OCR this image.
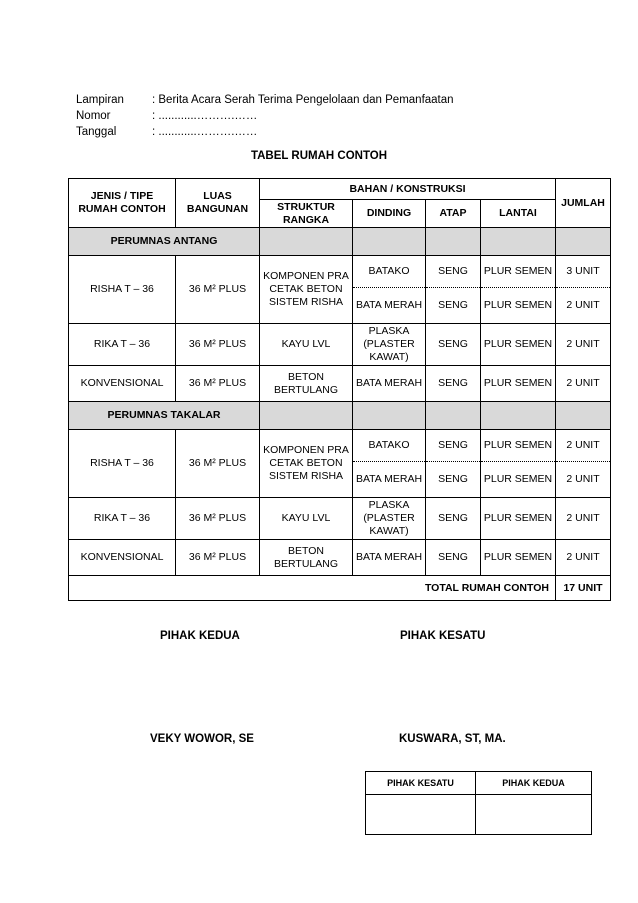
Lampiran	: Berita Acara Serah Terima Pengelolaan dan Pemanfaatan
Nomor	: ............……….……
Tanggal	: ............……….……
TABEL RUMAH CONTOH
JENIS / TIPE RUMAH CONTOH	LUAS BANGUNAN	BAHAN / KONSTRUKSI				JUMLAH
		STRUKTUR RANGKA	DINDING	ATAP	LANTAI	
PERUMNAS ANTANG						
RISHA T – 36	36 M² PLUS	KOMPONEN PRA CETAK BETON SISTEM RISHA	BATAKO	SENG	PLUR SEMEN	3 UNIT
			BATA MERAH	SENG	PLUR SEMEN	2 UNIT
RIKA T – 36	36 M² PLUS	KAYU LVL	PLASKA (PLASTER KAWAT)	SENG	PLUR SEMEN	2 UNIT
KONVENSIONAL	36 M² PLUS	BETON BERTULANG	BATA MERAH	SENG	PLUR SEMEN	2 UNIT
PERUMNAS TAKALAR						
RISHA T – 36	36 M² PLUS	KOMPONEN PRA CETAK BETON SISTEM RISHA	BATAKO	SENG	PLUR SEMEN	2 UNIT
			BATA MERAH	SENG	PLUR SEMEN	2 UNIT
RIKA T – 36	36 M² PLUS	KAYU LVL	PLASKA (PLASTER KAWAT)	SENG	PLUR SEMEN	2 UNIT
KONVENSIONAL	36 M² PLUS	BETON BERTULANG	BATA MERAH	SENG	PLUR SEMEN	2 UNIT
TOTAL RUMAH CONTOH						17 UNIT
PIHAK KEDUA	PIHAK KESATU
VEKY WOWOR, SE	KUSWARA, ST, MA.
PIHAK KESATU	PIHAK KEDUA
